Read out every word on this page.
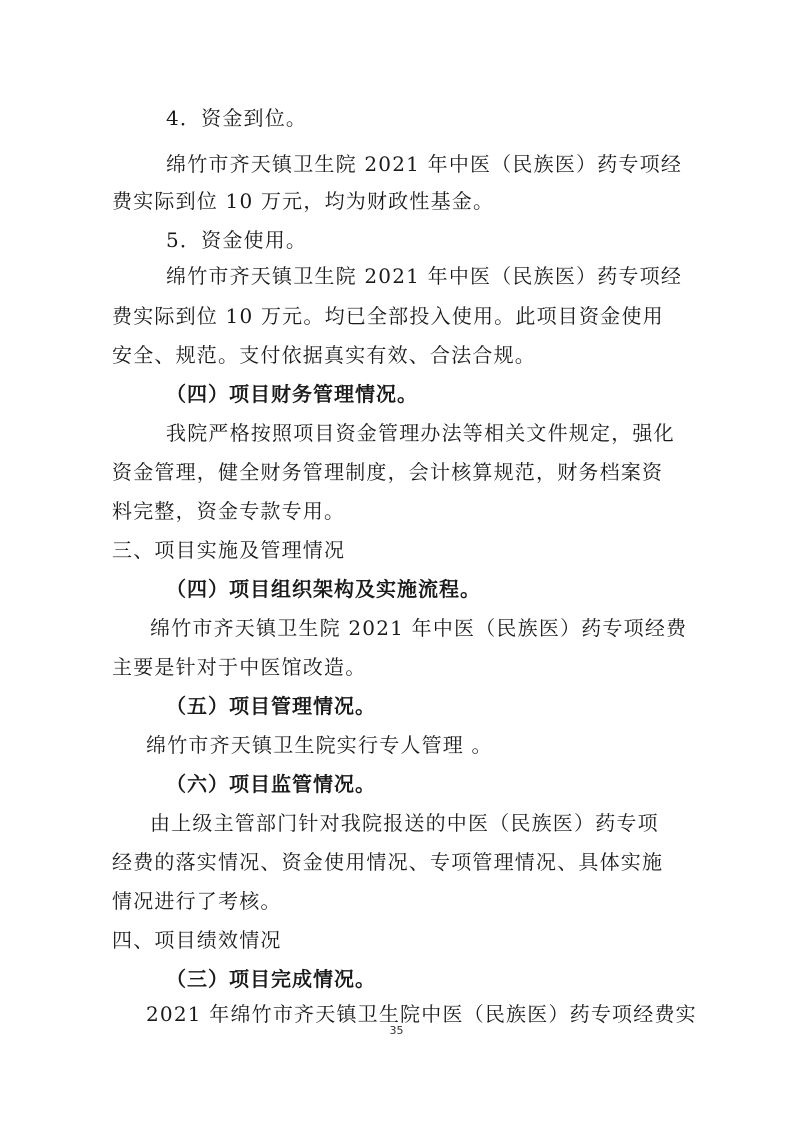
4．资金到位。
绵竹市齐天镇卫生院 2021 年中医（民族医）药专项经
费实际到位 10 万元，均为财政性基金。
5．资金使用。
绵竹市齐天镇卫生院 2021 年中医（民族医）药专项经
费实际到位 10 万元。均已全部投入使用。此项目资金使用
安全、规范。支付依据真实有效、合法合规。
（四）项目财务管理情况。
我院严格按照项目资金管理办法等相关文件规定，强化
资金管理，健全财务管理制度，会计核算规范，财务档案资
料完整，资金专款专用。
三、项目实施及管理情况
（四）项目组织架构及实施流程。
绵竹市齐天镇卫生院 2021 年中医（民族医）药专项经费
主要是针对于中医馆改造。
（五）项目管理情况。
绵竹市齐天镇卫生院实行专人管理 。
（六）项目监管情况。
由上级主管部门针对我院报送的中医（民族医）药专项
经费的落实情况、资金使用情况、专项管理情况、具体实施
情况进行了考核。
四、项目绩效情况
（三）项目完成情况。
2021 年绵竹市齐天镇卫生院中医（民族医）药专项经费实
35
